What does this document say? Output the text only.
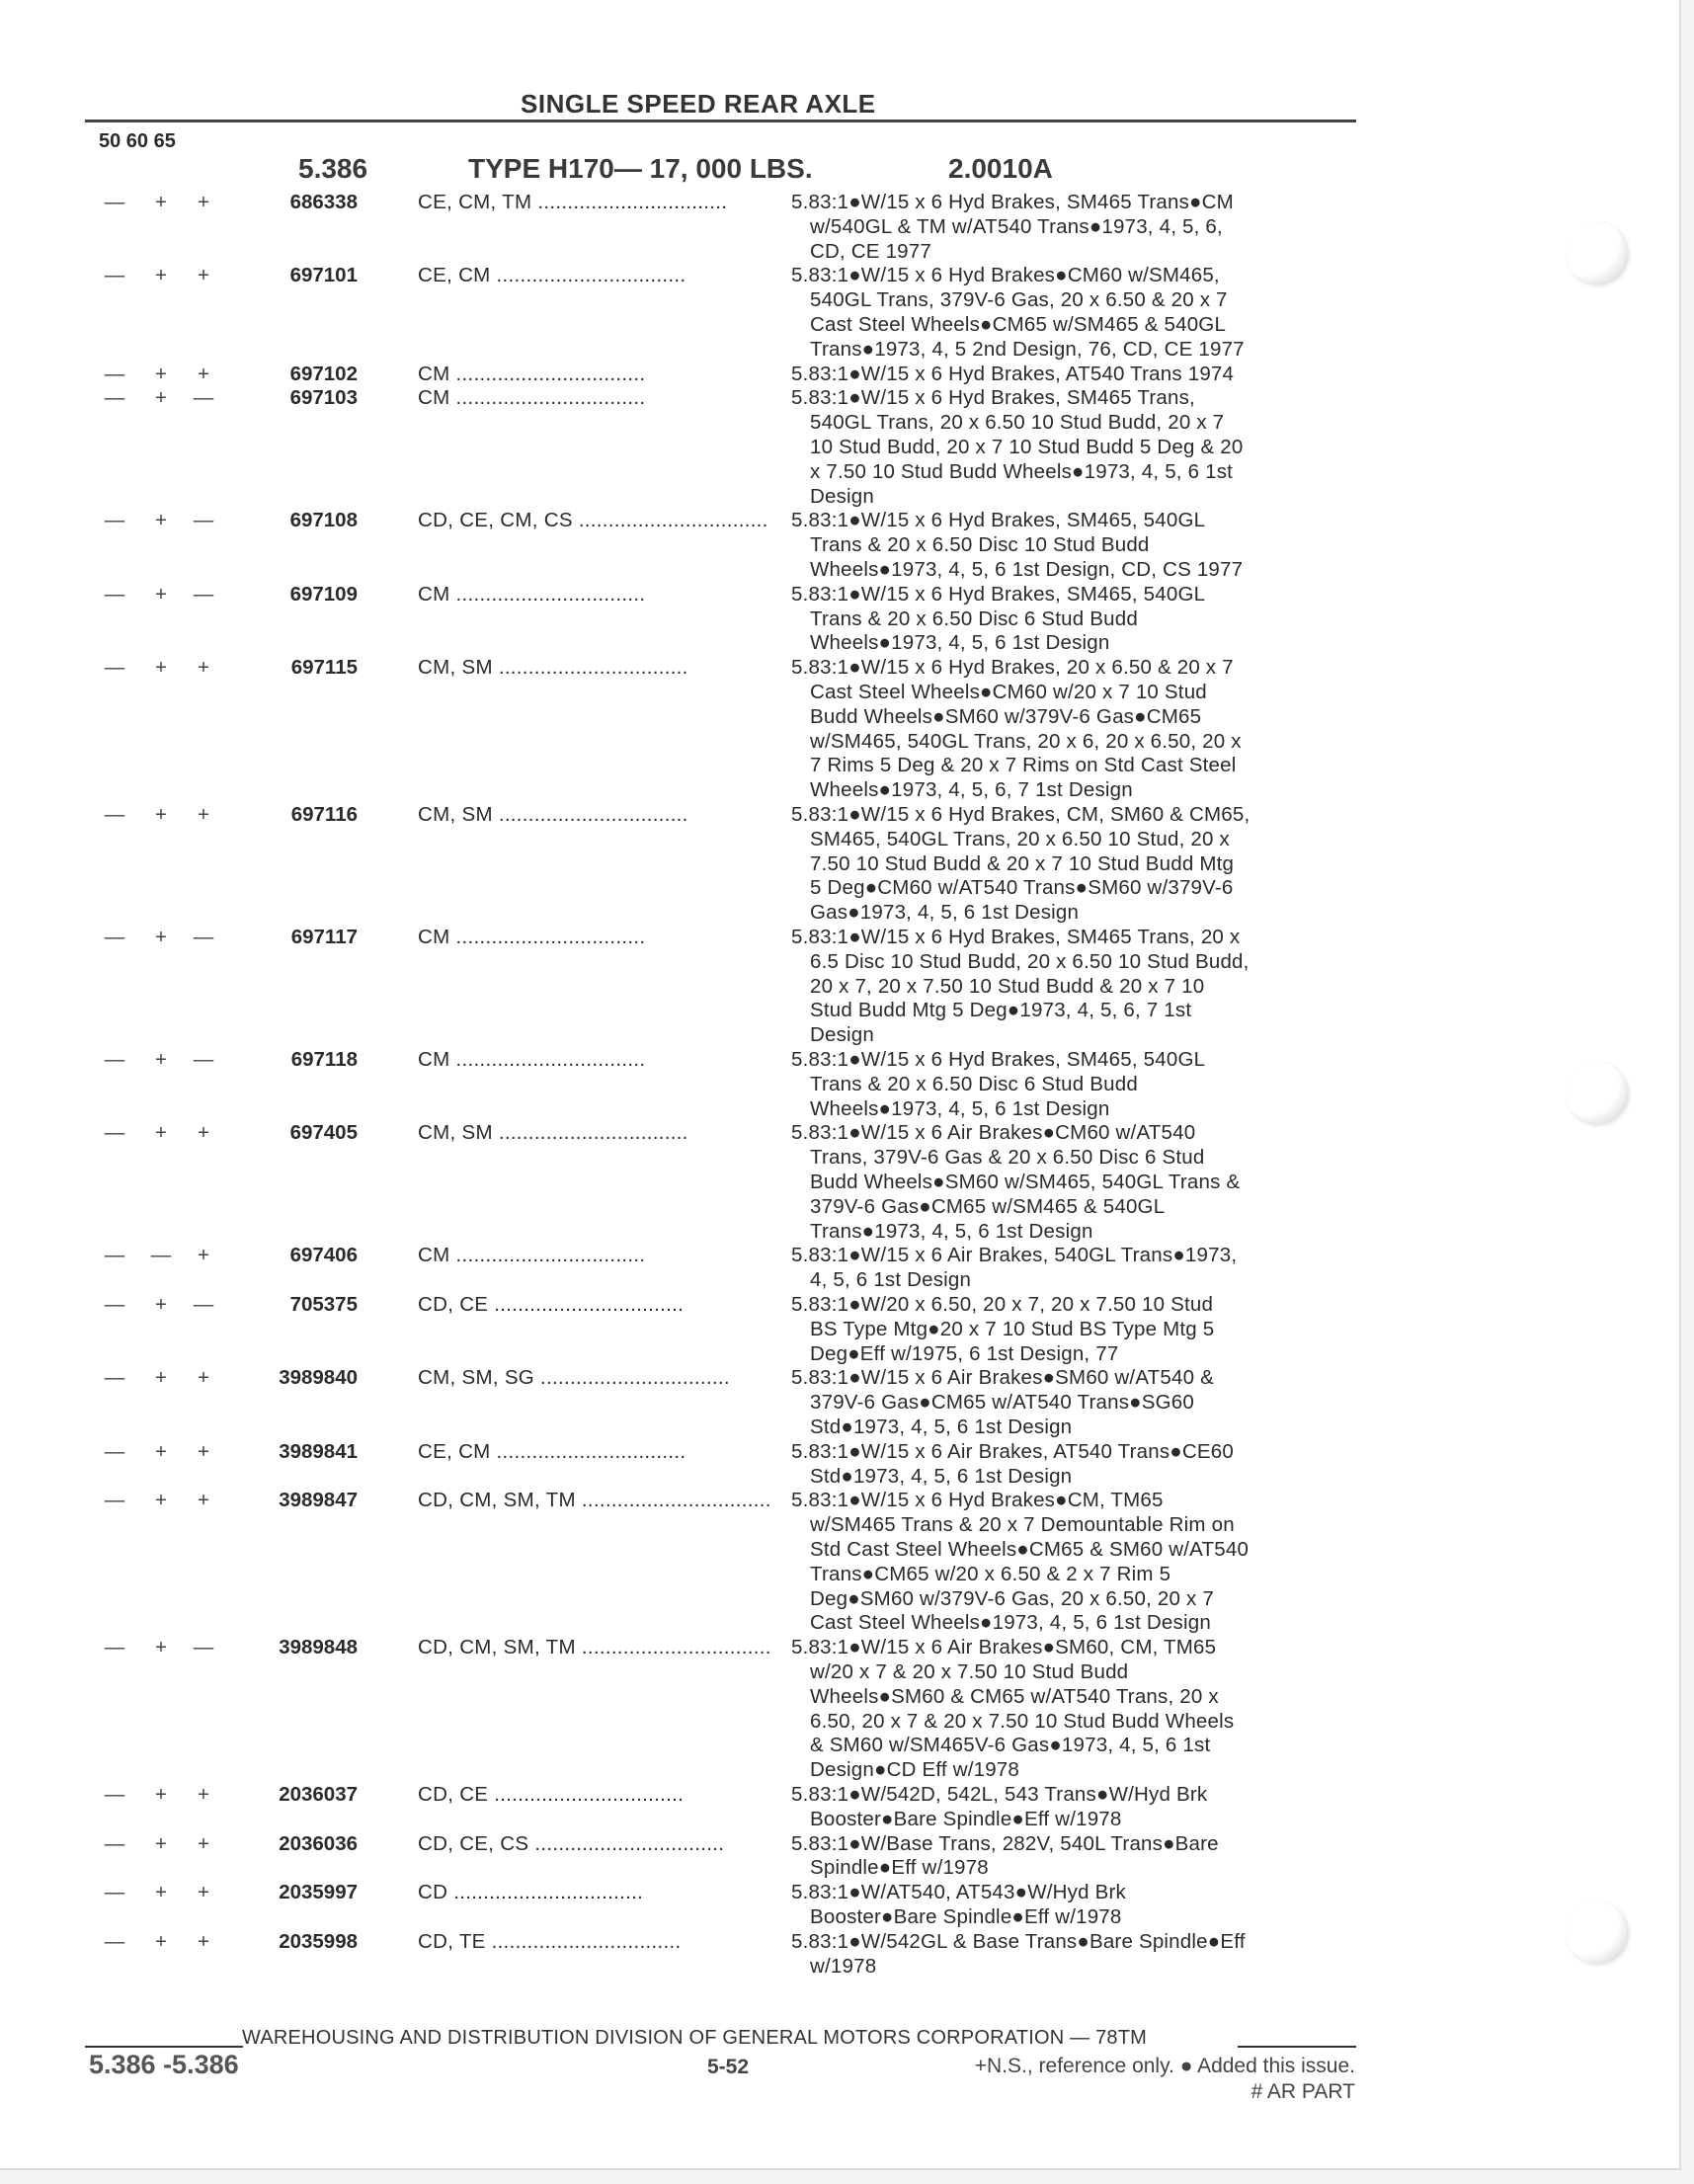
SINGLE SPEED REAR AXLE
50 60 65
5.386	TYPE H170— 17, 000 LBS.	2.0010A
—	+	+	686338	CE, CM, TM ................................	5.83:1●W/15 x 6 Hyd Brakes, SM465 Trans●CM
w/540GL & TM w/AT540 Trans●1973, 4, 5, 6,
CD, CE 1977
—	+	+	697101	CE, CM ................................	5.83:1●W/15 x 6 Hyd Brakes●CM60 w/SM465,
540GL Trans, 379V-6 Gas, 20 x 6.50 & 20 x 7
Cast Steel Wheels●CM65 w/SM465 & 540GL
Trans●1973, 4, 5 2nd Design, 76, CD, CE 1977
—	+	+	697102	CM ................................	5.83:1●W/15 x 6 Hyd Brakes, AT540 Trans 1974
—	+	—	697103	CM ................................	5.83:1●W/15 x 6 Hyd Brakes, SM465 Trans,
540GL Trans, 20 x 6.50 10 Stud Budd, 20 x 7
10 Stud Budd, 20 x 7 10 Stud Budd 5 Deg & 20
x 7.50 10 Stud Budd Wheels●1973, 4, 5, 6 1st
Design
—	+	—	697108	CD, CE, CM, CS ................................	5.83:1●W/15 x 6 Hyd Brakes, SM465, 540GL
Trans & 20 x 6.50 Disc 10 Stud Budd
Wheels●1973, 4, 5, 6 1st Design, CD, CS 1977
—	+	—	697109	CM ................................	5.83:1●W/15 x 6 Hyd Brakes, SM465, 540GL
Trans & 20 x 6.50 Disc 6 Stud Budd
Wheels●1973, 4, 5, 6 1st Design
—	+	+	697115	CM, SM ................................	5.83:1●W/15 x 6 Hyd Brakes, 20 x 6.50 & 20 x 7
Cast Steel Wheels●CM60 w/20 x 7 10 Stud
Budd Wheels●SM60 w/379V-6 Gas●CM65
w/SM465, 540GL Trans, 20 x 6, 20 x 6.50, 20 x
7 Rims 5 Deg & 20 x 7 Rims on Std Cast Steel
Wheels●1973, 4, 5, 6, 7 1st Design
—	+	+	697116	CM, SM ................................	5.83:1●W/15 x 6 Hyd Brakes, CM, SM60 & CM65,
SM465, 540GL Trans, 20 x 6.50 10 Stud, 20 x
7.50 10 Stud Budd & 20 x 7 10 Stud Budd Mtg
5 Deg●CM60 w/AT540 Trans●SM60 w/379V-6
Gas●1973, 4, 5, 6 1st Design
—	+	—	697117	CM ................................	5.83:1●W/15 x 6 Hyd Brakes, SM465 Trans, 20 x
6.5 Disc 10 Stud Budd, 20 x 6.50 10 Stud Budd,
20 x 7, 20 x 7.50 10 Stud Budd & 20 x 7 10
Stud Budd Mtg 5 Deg●1973, 4, 5, 6, 7 1st
Design
—	+	—	697118	CM ................................	5.83:1●W/15 x 6 Hyd Brakes, SM465, 540GL
Trans & 20 x 6.50 Disc 6 Stud Budd
Wheels●1973, 4, 5, 6 1st Design
—	+	+	697405	CM, SM ................................	5.83:1●W/15 x 6 Air Brakes●CM60 w/AT540
Trans, 379V-6 Gas & 20 x 6.50 Disc 6 Stud
Budd Wheels●SM60 w/SM465, 540GL Trans &
379V-6 Gas●CM65 w/SM465 & 540GL
Trans●1973, 4, 5, 6 1st Design
— —	+	697406	CM ................................	5.83:1●W/15 x 6 Air Brakes, 540GL Trans●1973,
4, 5, 6 1st Design
—	+	—	705375	CD, CE ................................	5.83:1●W/20 x 6.50, 20 x 7, 20 x 7.50 10 Stud
BS Type Mtg●20 x 7 10 Stud BS Type Mtg 5
Deg●Eff w/1975, 6 1st Design, 77
—	+	+	3989840	CM, SM, SG ................................	5.83:1●W/15 x 6 Air Brakes●SM60 w/AT540 &
379V-6 Gas●CM65 w/AT540 Trans●SG60
Std●1973, 4, 5, 6 1st Design
—	+	+	3989841	CE, CM ................................	5.83:1●W/15 x 6 Air Brakes, AT540 Trans●CE60
Std●1973, 4, 5, 6 1st Design
—	+	+	3989847	CD, CM, SM, TM ................................ 5.83:1●W/15 x 6 Hyd Brakes●CM, TM65
w/SM465 Trans & 20 x 7 Demountable Rim on
Std Cast Steel Wheels●CM65 & SM60 w/AT540
Trans●CM65 w/20 x 6.50 & 2 x 7 Rim 5
Deg●SM60 w/379V-6 Gas, 20 x 6.50, 20 x 7
Cast Steel Wheels●1973, 4, 5, 6 1st Design
—	+	—	3989848	CD, CM, SM, TM ................................ 5.83:1●W/15 x 6 Air Brakes●SM60, CM, TM65
w/20 x 7 & 20 x 7.50 10 Stud Budd
Wheels●SM60 & CM65 w/AT540 Trans, 20 x
6.50, 20 x 7 & 20 x 7.50 10 Stud Budd Wheels
& SM60 w/SM465V-6 Gas●1973, 4, 5, 6 1st
Design●CD Eff w/1978
—	+	+	2036037	CD, CE ................................	5.83:1●W/542D, 542L, 543 Trans●W/Hyd Brk
Booster●Bare Spindle●Eff w/1978
—	+	+	2036036	CD, CE, CS ................................	5.83:1●W/Base Trans, 282V, 540L Trans●Bare
Spindle●Eff w/1978
—	+	+	2035997	CD ................................	5.83:1●W/AT540, AT543●W/Hyd Brk
Booster●Bare Spindle●Eff w/1978
—	+	+	2035998	CD, TE ................................	5.83:1●W/542GL & Base Trans●Bare Spindle●Eff
w/1978
WAREHOUSING AND DISTRIBUTION DIVISION OF GENERAL MOTORS CORPORATION — 78TM
5.386 -5.386	5-52	+N.S., reference only. ● Added this issue.
# AR PART
